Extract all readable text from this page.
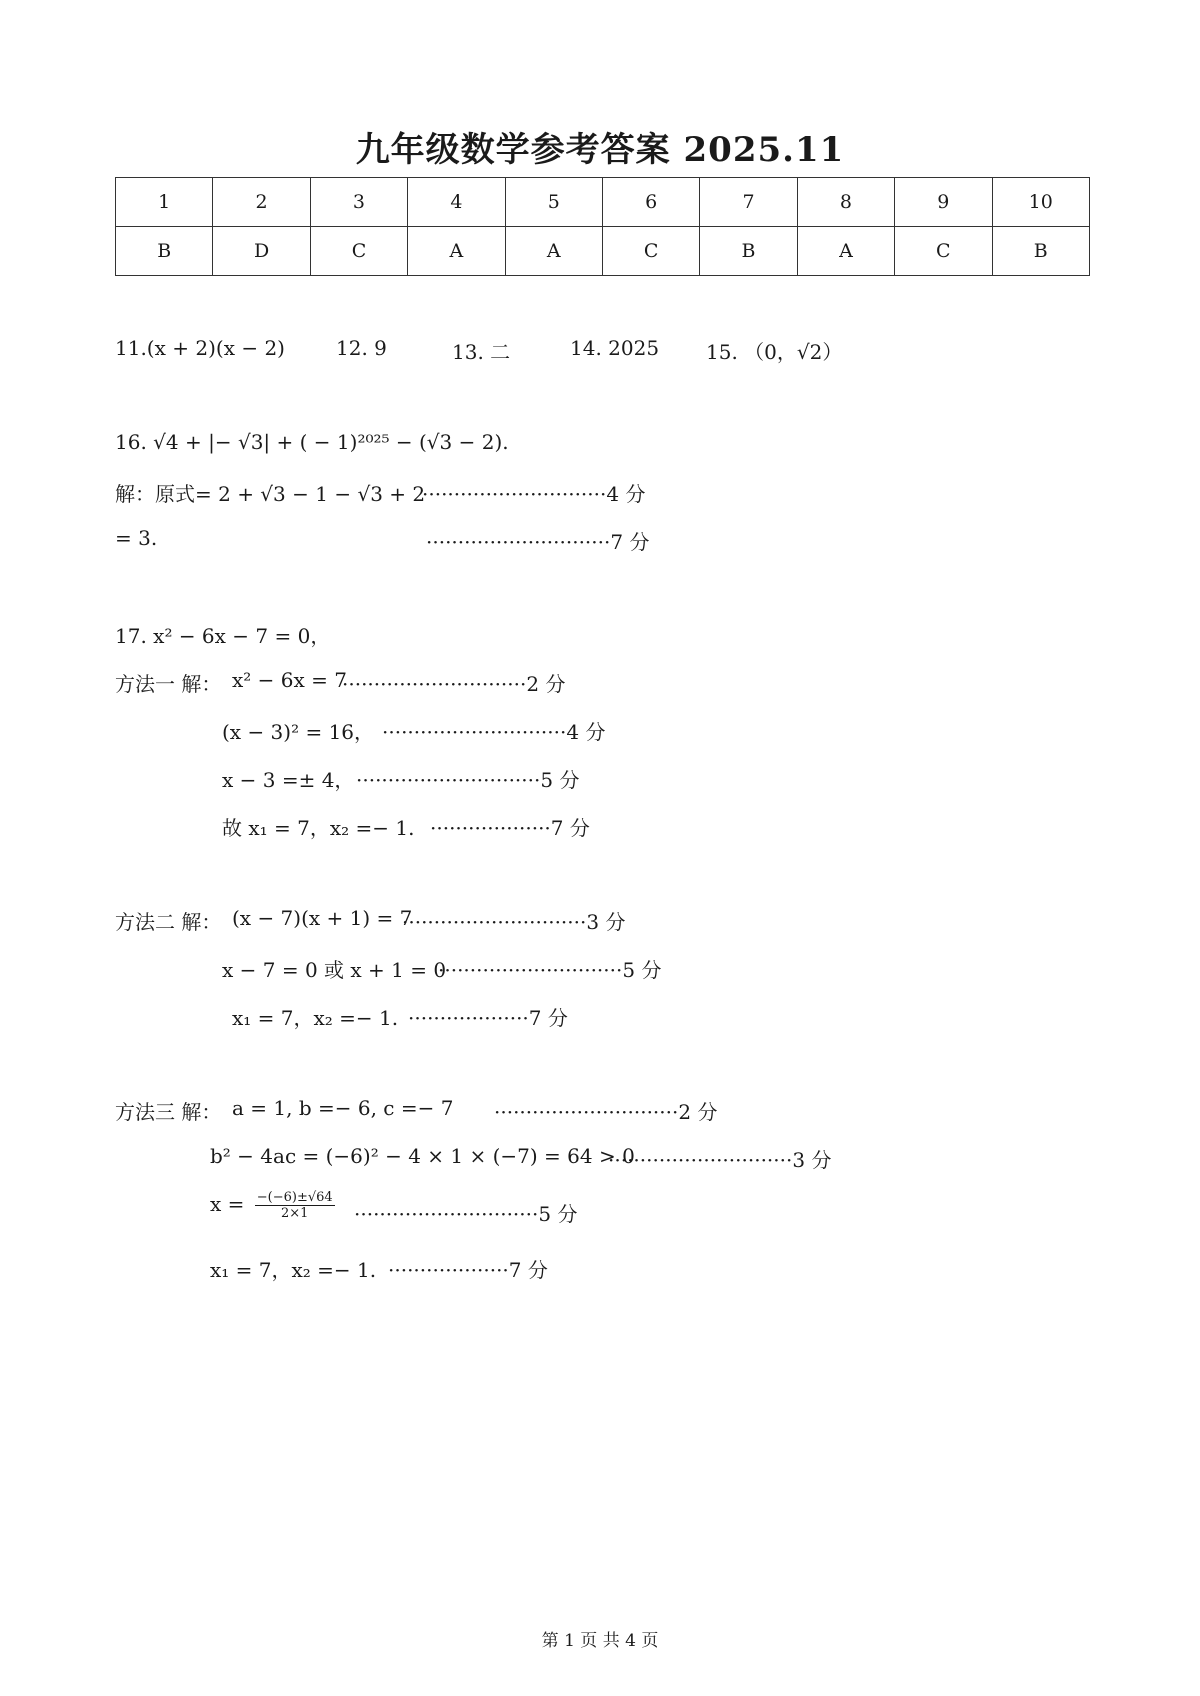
九年级数学参考答案 2025.11
1	2	3	4	5	6	7	8	9	10
B	D	C	A	A	C	B	A	C	B
11.(x + 2)(x − 2)	12. 9	13. 二	14. 2025 15. （0，√2）
16. √4 + |− √3| + ( − 1)²⁰²⁵ − (√3 − 2).
解：原式= 2 + √3 − 1 − √3 + 2
·····························4 分
= 3.	·····························7 分
17. x² − 6x − 7 = 0，
方法一 解： x² − 6x = 7
·····························2 分
(x − 3)² = 16， ·····························4 分
x − 3 =± 4， ·····························5 分
故 x₁ = 7，x₂ =− 1. ···················7 分
方法二 解： (x − 7)(x + 1) = 7
·····························3 分
x − 7 = 0 或 x + 1 = 0
·····························5 分
x₁ = 7，x₂ =− 1. ···················7 分
方法三 解： a = 1, b =− 6, c =− 7 ·····························2 分
b² − 4ac = (−6)² − 4 × 1 × (−7) = 64 > 0
·····························3 分
$x = \frac{-(-6)\pm√64}{2\times 1} \cdot\cdot\cdot\cdot\cdot\cdot\cdot\cdot\cdot\cdot\cdot\cdot\cdot\cdot\cdot\cdot\cdot\cdot\cdot\cdot\cdot\cdot\cdot\cdot\cdot\cdot\cdot\cdot\cdot 5$ 分
x₁ = 7，x₂ =− 1. ···················7 分
第 1 页 共 4 页
